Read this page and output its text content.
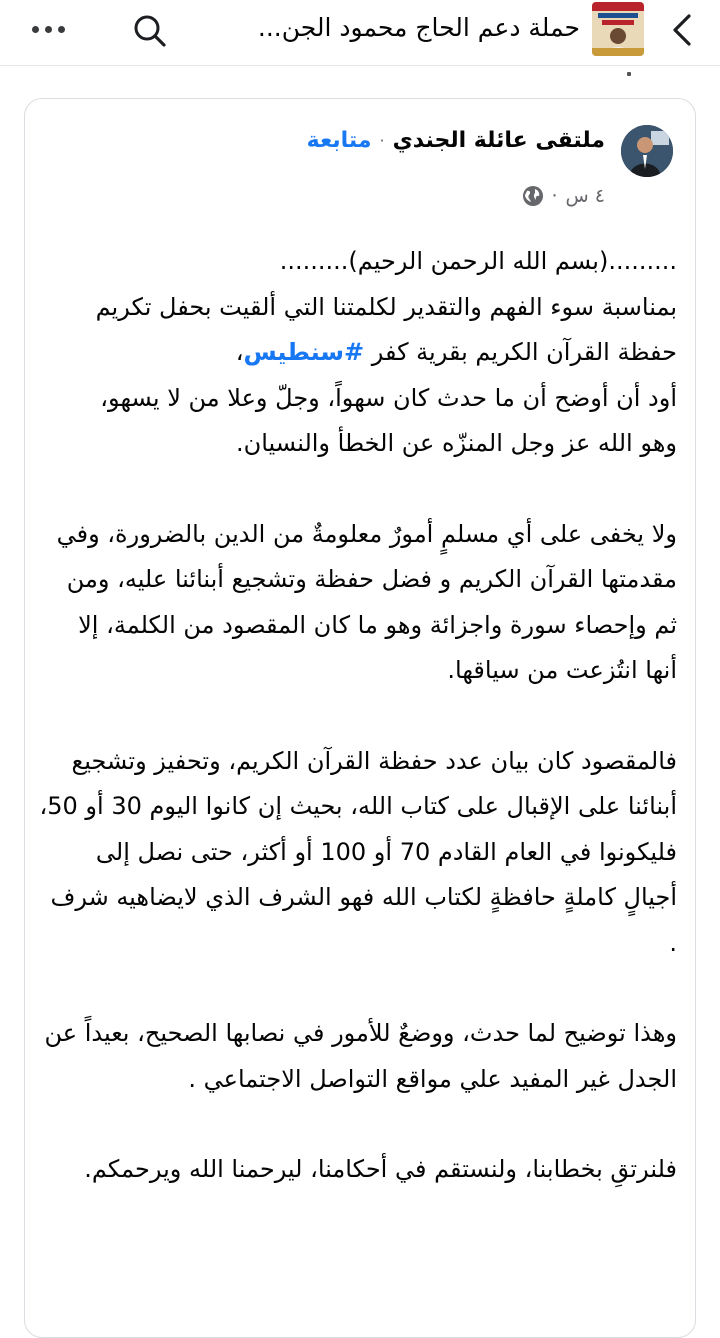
حملة دعم الحاج محمود الجن...
ملتقى عائلة الجندي
·
متابعة
٤ س
·

.........(بسم الله الرحمن الرحيم).........
بمناسبة سوء الفهم والتقدير لكلمتنا التي ألقيت بحفل تكريم
حفظة القرآن الكريم بقرية كفر #سنطيس،
أود أن أوضح أن ما حدث كان سهواً، وجلّ وعلا من لا يسهو،
وهو الله عز وجل المنزّه عن الخطأ والنسيان.

ولا يخفى على أي مسلمٍ أمورٌ معلومةٌ من الدين بالضرورة، وفي مقدمتها القرآن الكريم و فضل حفظة وتشجيع أبنائنا عليه، ومن ثم وإحصاء سورة واجزائة وهو ما كان المقصود من الكلمة، إلا أنها انتُزعت من سياقها.

فالمقصود كان بيان عدد حفظة القرآن الكريم، وتحفيز وتشجيع أبنائنا على الإقبال على كتاب الله، بحيث إن كانوا اليوم 30 أو 50، فليكونوا في العام القادم 70 أو 100 أو أكثر، حتى نصل إلى أجيالٍ كاملةٍ حافظةٍ لكتاب الله فهو الشرف الذي لايضاهيه شرف .

وهذا توضيح لما حدث، ووضعٌ للأمور في نصابها الصحيح، بعيداً عن الجدل غير المفيد علي مواقع التواصل الاجتماعي .

فلنرتقِ بخطابنا، ولنستقم في أحكامنا، ليرحمنا الله ويرحمكم.
